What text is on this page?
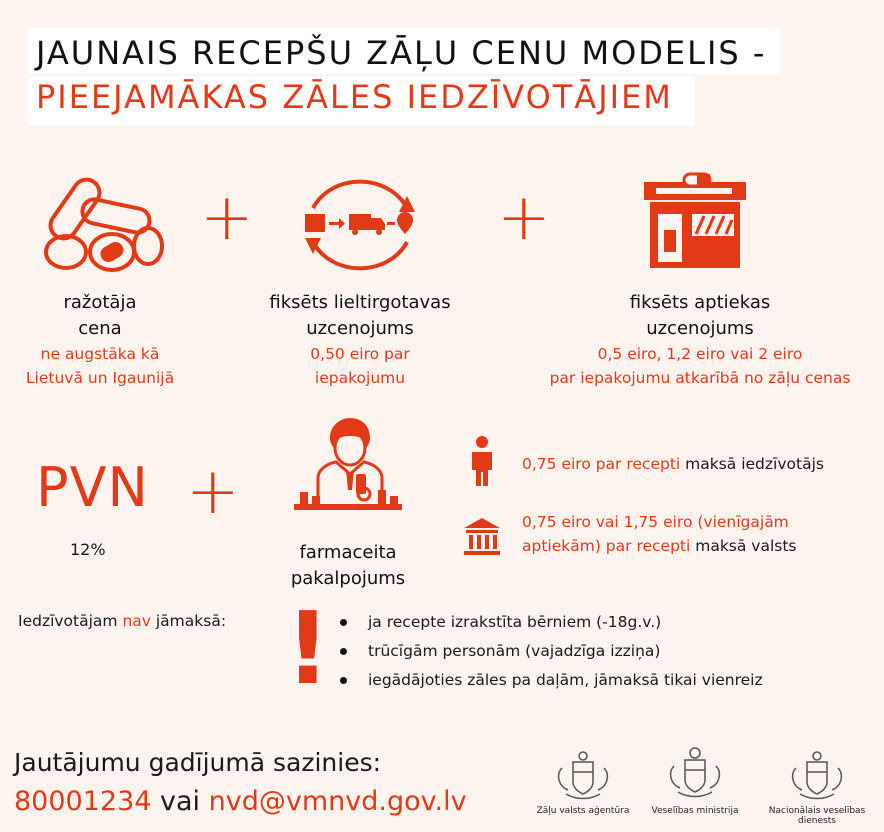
JAUNAIS RECEPŠU ZĀĻU CENU MODELIS -
PIEEJAMĀKAS ZĀLES IEDZĪVOTĀJIEM
+	+
ražotāja
cena
ne augstāka kā
Lietuvā un Igaunijā
fiksēts lieltirgotavas
uzcenojums
0,50 eiro par
iepakojumu
fiksēts aptiekas
uzcenojums
0,5 eiro, 1,2 eiro vai 2 eiro
par iepakojumu atkarībā no zāļu cenas
PVN
12%
+
farmaceita
pakalpojums
0,75 eiro par recepti maksā iedzīvotājs
0,75 eiro vai 1,75 eiro (vienīgajām
aptiekām) par recepti maksā valsts
Iedzīvotājam nav jāmaksā: !	ja recepte izrakstīta bērniem (-18g.v.)
trūcīgām personām (vajadzīga izziņa)
iegādājoties zāles pa daļām, jāmaksā tikai vienreiz
Jautājumu gadījumā sazinies:
80001234 vai nvd@vmnvd.gov.lv	Zāļu valsts aģentūra	Veselības ministrija	Nacionālais veselības dienests
